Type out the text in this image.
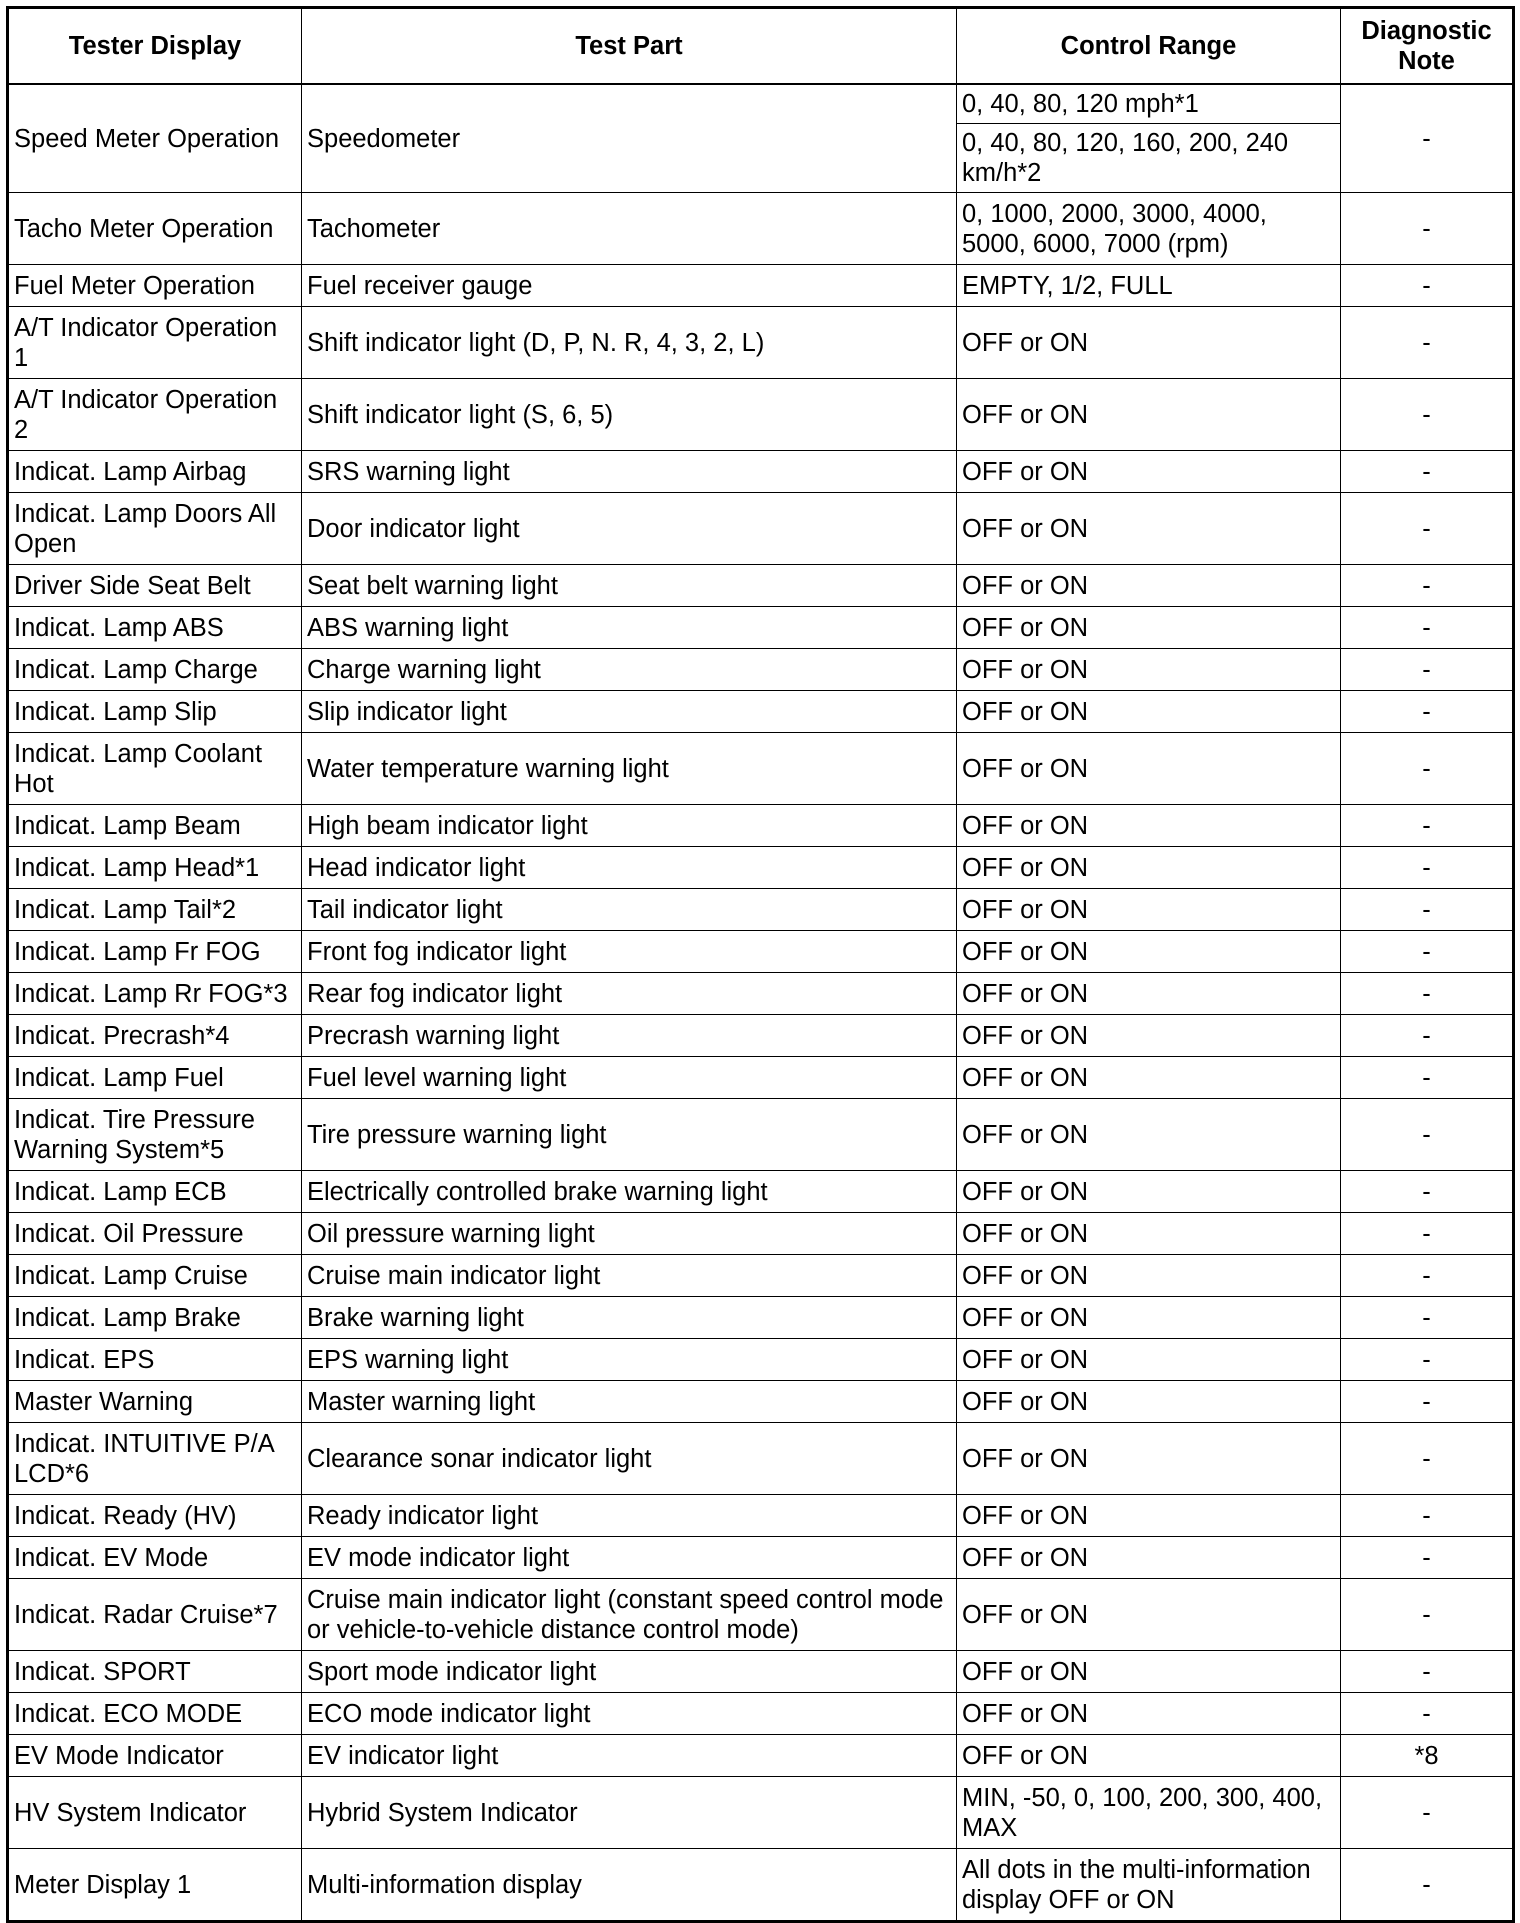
Tester Display	Test Part	Control Range	Diagnostic Note
Speed Meter Operation	Speedometer	0, 40, 80, 120 mph*1	-
		0, 40, 80, 120, 160, 200, 240 km/h*2	
Tacho Meter Operation	Tachometer	0, 1000, 2000, 3000, 4000, 5000, 6000, 7000 (rpm)	-
Fuel Meter Operation	Fuel receiver gauge	EMPTY, 1/2, FULL	-
A/T Indicator Operation 1	Shift indicator light (D, P, N. R, 4, 3, 2, L)	OFF or ON	-
A/T Indicator Operation 2	Shift indicator light (S, 6, 5)	OFF or ON	-
Indicat. Lamp Airbag	SRS warning light	OFF or ON	-
Indicat. Lamp Doors All Open	Door indicator light	OFF or ON	-
Driver Side Seat Belt	Seat belt warning light	OFF or ON	-
Indicat. Lamp ABS	ABS warning light	OFF or ON	-
Indicat. Lamp Charge	Charge warning light	OFF or ON	-
Indicat. Lamp Slip	Slip indicator light	OFF or ON	-
Indicat. Lamp Coolant Hot	Water temperature warning light	OFF or ON	-
Indicat. Lamp Beam	High beam indicator light	OFF or ON	-
Indicat. Lamp Head*1	Head indicator light	OFF or ON	-
Indicat. Lamp Tail*2	Tail indicator light	OFF or ON	-
Indicat. Lamp Fr FOG	Front fog indicator light	OFF or ON	-
Indicat. Lamp Rr FOG*3	Rear fog indicator light	OFF or ON	-
Indicat. Precrash*4	Precrash warning light	OFF or ON	-
Indicat. Lamp Fuel	Fuel level warning light	OFF or ON	-
Indicat. Tire Pressure Warning System*5	Tire pressure warning light	OFF or ON	-
Indicat. Lamp ECB	Electrically controlled brake warning light	OFF or ON	-
Indicat. Oil Pressure	Oil pressure warning light	OFF or ON	-
Indicat. Lamp Cruise	Cruise main indicator light	OFF or ON	-
Indicat. Lamp Brake	Brake warning light	OFF or ON	-
Indicat. EPS	EPS warning light	OFF or ON	-
Master Warning	Master warning light	OFF or ON	-
Indicat. INTUITIVE P/A LCD*6	Clearance sonar indicator light	OFF or ON	-
Indicat. Ready (HV)	Ready indicator light	OFF or ON	-
Indicat. EV Mode	EV mode indicator light	OFF or ON	-
Indicat. Radar Cruise*7	Cruise main indicator light (constant speed control mode or vehicle-to-vehicle distance control mode)	OFF or ON	-
Indicat. SPORT	Sport mode indicator light	OFF or ON	-
Indicat. ECO MODE	ECO mode indicator light	OFF or ON	-
EV Mode Indicator	EV indicator light	OFF or ON	*8
HV System Indicator	Hybrid System Indicator	MIN, -50, 0, 100, 200, 300, 400, MAX	-
Meter Display 1	Multi-information display	All dots in the multi-information display OFF or ON	-
